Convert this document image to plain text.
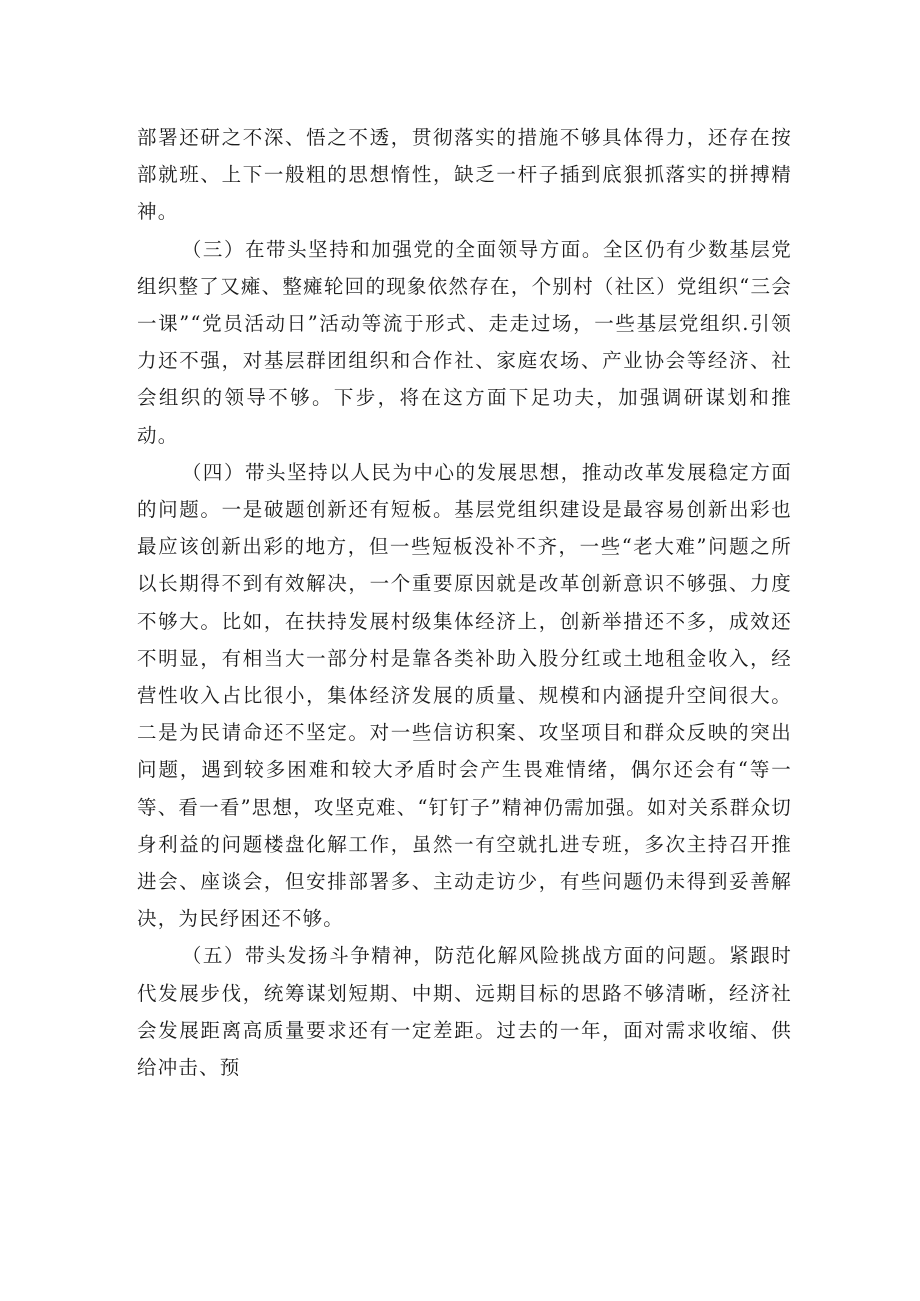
部署还研之不深、悟之不透，贯彻落实的措施不够具体得力，还存在按部就班、上下一般粗的思想惰性，缺乏一杆子插到底狠抓落实的拼搏精神。

（三）在带头坚持和加强党的全面领导方面。全区仍有少数基层党组织整了又瘫、整瘫轮回的现象依然存在，个别村（社区）党组织“三会一课”“党员活动日”活动等流于形式、走走过场，一些基层党组织.引领力还不强，对基层群团组织和合作社、家庭农场、产业协会等经济、社会组织的领导不够。下步，将在这方面下足功夫，加强调研谋划和推动。

（四）带头坚持以人民为中心的发展思想，推动改革发展稳定方面的问题。一是破题创新还有短板。基层党组织建设是最容易创新出彩也最应该创新出彩的地方，但一些短板没补不齐，一些“老大难”问题之所以长期得不到有效解决，一个重要原因就是改革创新意识不够强、力度不够大。比如，在扶持发展村级集体经济上，创新举措还不多，成效还不明显，有相当大一部分村是靠各类补助入股分红或土地租金收入，经营性收入占比很小，集体经济发展的质量、规模和内涵提升空间很大。二是为民请命还不坚定。对一些信访积案、攻坚项目和群众反映的突出问题，遇到较多困难和较大矛盾时会产生畏难情绪，偶尔还会有“等一等、看一看”思想，攻坚克难、“钉钉子”精神仍需加强。如对关系群众切身利益的问题楼盘化解工作，虽然一有空就扎进专班，多次主持召开推进会、座谈会，但安排部署多、主动走访少，有些问题仍未得到妥善解决，为民纾困还不够。

（五）带头发扬斗争精神，防范化解风险挑战方面的问题。紧跟时代发展步伐，统筹谋划短期、中期、远期目标的思路不够清晰，经济社会发展距离高质量要求还有一定差距。过去的一年，面对需求收缩、供给冲击、预
